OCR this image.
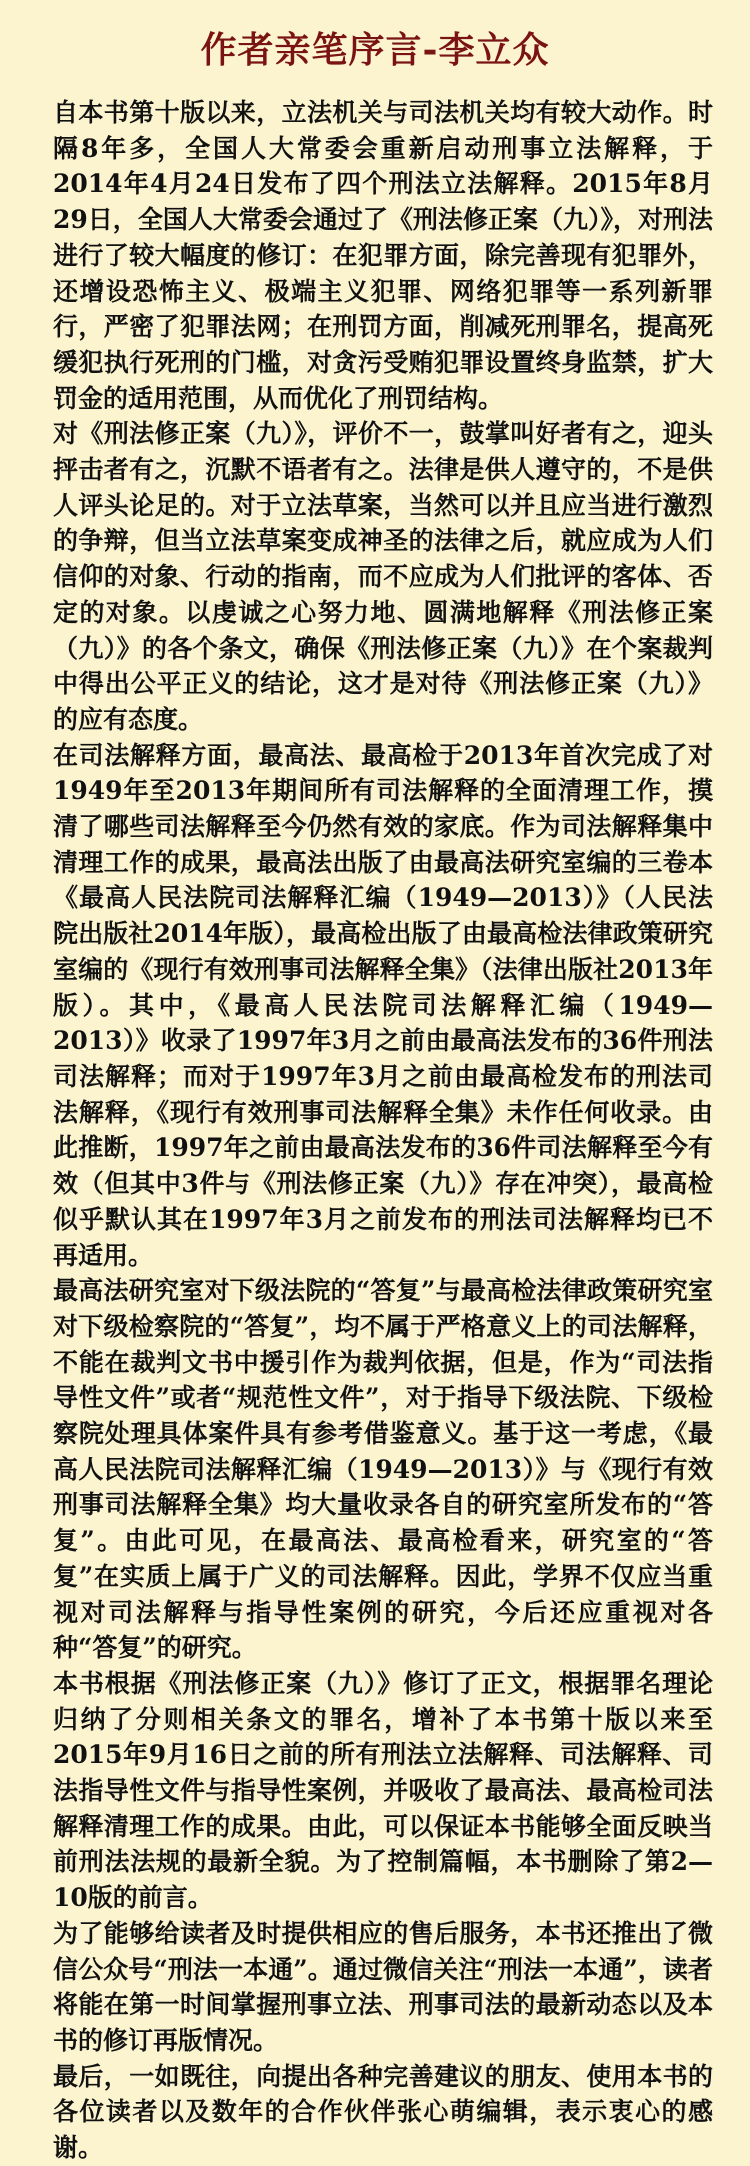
作者亲笔序言-李立众

自本书第十版以来，立法机关与司法机关均有较大动作。时隔8年多，全国人大常委会重新启动刑事立法解释，于2014年4月24日发布了四个刑法立法解释。2015年8月29日，全国人大常委会通过了《刑法修正案（九）》，对刑法进行了较大幅度的修订：在犯罪方面，除完善现有犯罪外，还增设恐怖主义、极端主义犯罪、网络犯罪等一系列新罪行，严密了犯罪法网；在刑罚方面，削减死刑罪名，提高死缓犯执行死刑的门槛，对贪污受贿犯罪设置终身监禁，扩大罚金的适用范围，从而优化了刑罚结构。

对《刑法修正案（九）》，评价不一，鼓掌叫好者有之，迎头抨击者有之，沉默不语者有之。法律是供人遵守的，不是供人评头论足的。对于立法草案，当然可以并且应当进行激烈的争辩，但当立法草案变成神圣的法律之后，就应成为人们信仰的对象、行动的指南，而不应成为人们批评的客体、否定的对象。以虔诚之心努力地、圆满地解释《刑法修正案（九）》的各个条文，确保《刑法修正案（九）》在个案裁判中得出公平正义的结论，这才是对待《刑法修正案（九）》的应有态度。

在司法解释方面，最高法、最高检于2013年首次完成了对1949年至2013年期间所有司法解释的全面清理工作，摸清了哪些司法解释至今仍然有效的家底。作为司法解释集中清理工作的成果，最高法出版了由最高法研究室编的三卷本《最高人民法院司法解释汇编（1949—2013）》（人民法院出版社2014年版），最高检出版了由最高检法律政策研究室编的《现行有效刑事司法解释全集》（法律出版社2013年版）。其中，《最高人民法院司法解释汇编（1949—2013）》收录了1997年3月之前由最高法发布的36件刑法司法解释；而对于1997年3月之前由最高检发布的刑法司法解释，《现行有效刑事司法解释全集》未作任何收录。由此推断，1997年之前由最高法发布的36件司法解释至今有效（但其中3件与《刑法修正案（九）》存在冲突），最高检似乎默认其在1997年3月之前发布的刑法司法解释均已不再适用。

最高法研究室对下级法院的“答复”与最高检法律政策研究室对下级检察院的“答复”，均不属于严格意义上的司法解释，不能在裁判文书中援引作为裁判依据，但是，作为“司法指导性文件”或者“规范性文件”，对于指导下级法院、下级检察院处理具体案件具有参考借鉴意义。基于这一考虑，《最高人民法院司法解释汇编（1949—2013）》与《现行有效刑事司法解释全集》均大量收录各自的研究室所发布的“答复”。由此可见，在最高法、最高检看来，研究室的“答复”在实质上属于广义的司法解释。因此，学界不仅应当重视对司法解释与指导性案例的研究，今后还应重视对各种“答复”的研究。

本书根据《刑法修正案（九）》修订了正文，根据罪名理论归纳了分则相关条文的罪名，增补了本书第十版以来至2015年9月16日之前的所有刑法立法解释、司法解释、司法指导性文件与指导性案例，并吸收了最高法、最高检司法解释清理工作的成果。由此，可以保证本书能够全面反映当前刑法法规的最新全貌。为了控制篇幅，本书删除了第2—10版的前言。

为了能够给读者及时提供相应的售后服务，本书还推出了微信公众号“刑法一本通”。通过微信关注“刑法一本通”，读者将能在第一时间掌握刑事立法、刑事司法的最新动态以及本书的修订再版情况。

最后，一如既往，向提出各种完善建议的朋友、使用本书的各位读者以及数年的合作伙伴张心萌编辑，表示衷心的感谢。
